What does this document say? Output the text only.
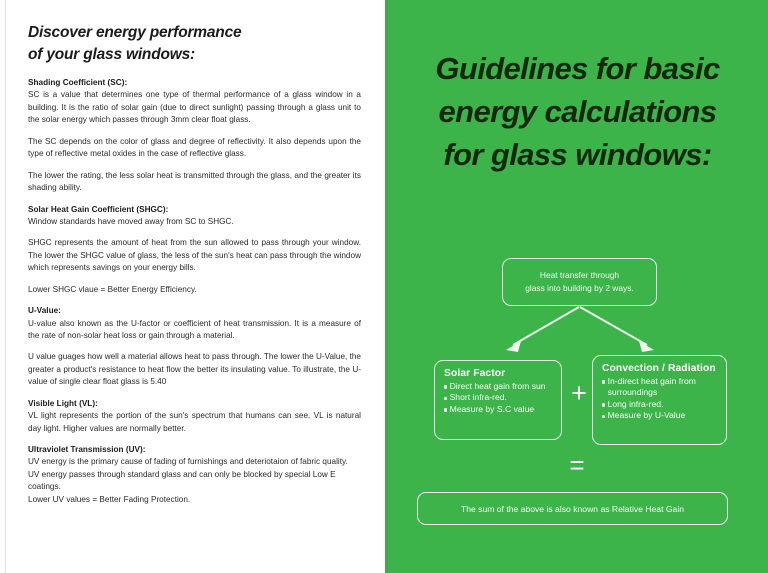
Discover energy performance
of your glass windows:
Shading Coefficient (SC):
SC is a value that determines one type of thermal performance of a glass window in a building. It is the ratio of solar gain (due to direct sunlight) passing through a glass unit to the solar energy which passes through 3mm clear float glass.
The SC depends on the color of glass and degree of reflectivity. It also depends upon the type of reflective metal oxides in the case of reflective glass.
The lower the rating, the less solar heat is transmitted through the glass, and the greater its shading ability.
Solar Heat Gain Coefficient (SHGC):
Window standards have moved away from SC to SHGC.
SHGC represents the amount of heat from the sun allowed to pass through your window. The lower the SHGC value of glass, the less of the sun's heat can pass through the window which represents savings on your energy bills.
Lower SHGC vlaue = Better Energy Efficiency.
U-Value:
U-value also known as the U-factor or coefficient of heat transmission. It is a measure of the rate of non-solar heat loss or gain through a material.
U value guages how well a material allows heat to pass through. The lower the U-Value, the greater a product's resistance to heat flow the better its insulating value. To illustrate, the U-value of single clear float glass is 5.40
Visible Light (VL):
VL light represents the portion of the sun's spectrum that humans can see. VL is natural day light. Higher values are normally better.
Ultraviolet Transmission (UV):
UV energy is the primary cause of fading of furnishings and deteriotaion of fabric quality.
UV energy passes through standard glass and can only be blocked by special Low E coatings.
Lower UV values = Better Fading Protection.
Guidelines for basic
energy calculations
for glass windows:
Heat transfer through
glass into building by 2 ways.
Solar Factor
Direct heat gain from sun
Short infra-red.
Measure by S.C value
+
Convection / Radiation
In-direct heat gain from surroundings
Long infra-red.
Measure by U-Value
=
The sum of the above is also known as Relative Heat Gain
